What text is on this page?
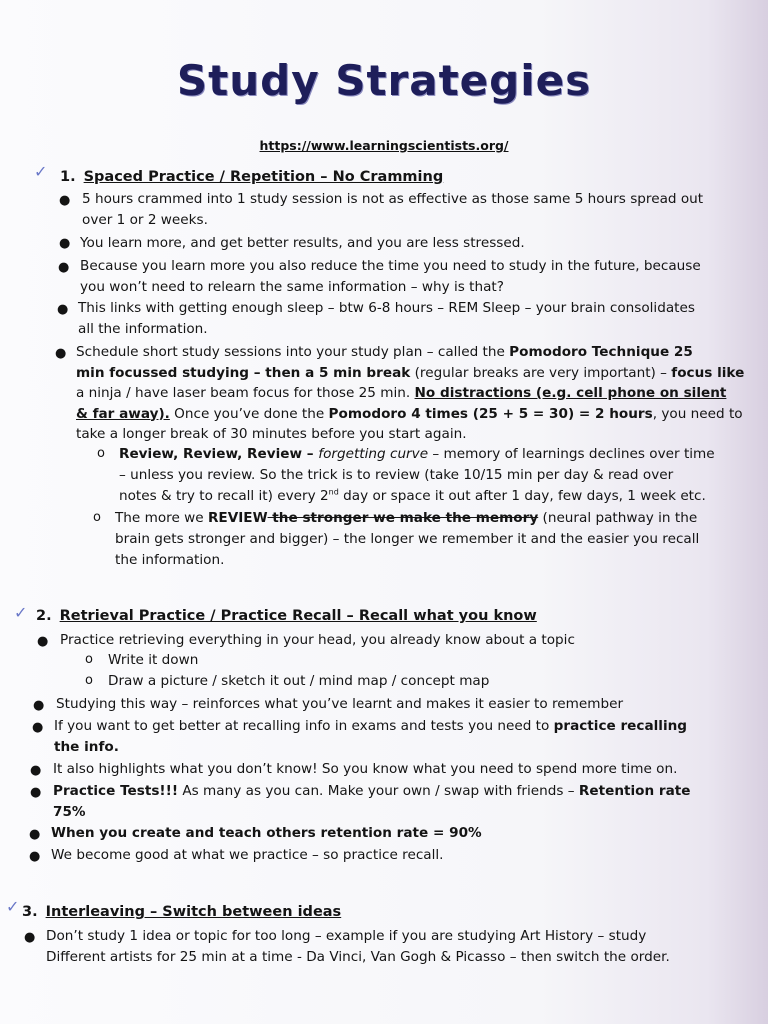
Study Strategies
https://www.learningscientists.org/
✓ 1. Spaced Practice / Repetition – No Cramming
● 5 hours crammed into 1 study session is not as effective as those same 5 hours spread out
over 1 or 2 weeks.
● You learn more, and get better results, and you are less stressed.
● Because you learn more you also reduce the time you need to study in the future, because
you won’t need to relearn the same information – why is that?
● This links with getting enough sleep – btw 6-8 hours – REM Sleep – your brain consolidates
all the information.
● Schedule short study sessions into your study plan – called the Pomodoro Technique 25
min focussed studying – then a 5 min break (regular breaks are very important) – focus like
a ninja / have laser beam focus for those 25 min. No distractions (e.g. cell phone on silent
& far away). Once you’ve done the Pomodoro 4 times (25 + 5 = 30) = 2 hours, you need to
take a longer break of 30 minutes before you start again.
o Review, Review, Review – forgetting curve – memory of learnings declines over time
– unless you review. So the trick is to review (take 10/15 min per day & read over
notes & try to recall it) every 2nd day or space it out after 1 day, few days, 1 week etc.
o The more we REVIEW the stronger we make the memory (neural pathway in the
brain gets stronger and bigger) – the longer we remember it and the easier you recall
the information.
✓ 2. Retrieval Practice / Practice Recall – Recall what you know
● Practice retrieving everything in your head, you already know about a topic
o Write it down
o Draw a picture / sketch it out / mind map / concept map
● Studying this way – reinforces what you’ve learnt and makes it easier to remember
● If you want to get better at recalling info in exams and tests you need to practice recalling
the info.
● It also highlights what you don’t know! So you know what you need to spend more time on.
● Practice Tests!!! As many as you can. Make your own / swap with friends – Retention rate
75%
● When you create and teach others retention rate = 90%
● We become good at what we practice – so practice recall.
✓ 3. Interleaving – Switch between ideas
● Don’t study 1 idea or topic for too long – example if you are studying Art History – study
Different artists for 25 min at a time - Da Vinci, Van Gogh & Picasso – then switch the order.
